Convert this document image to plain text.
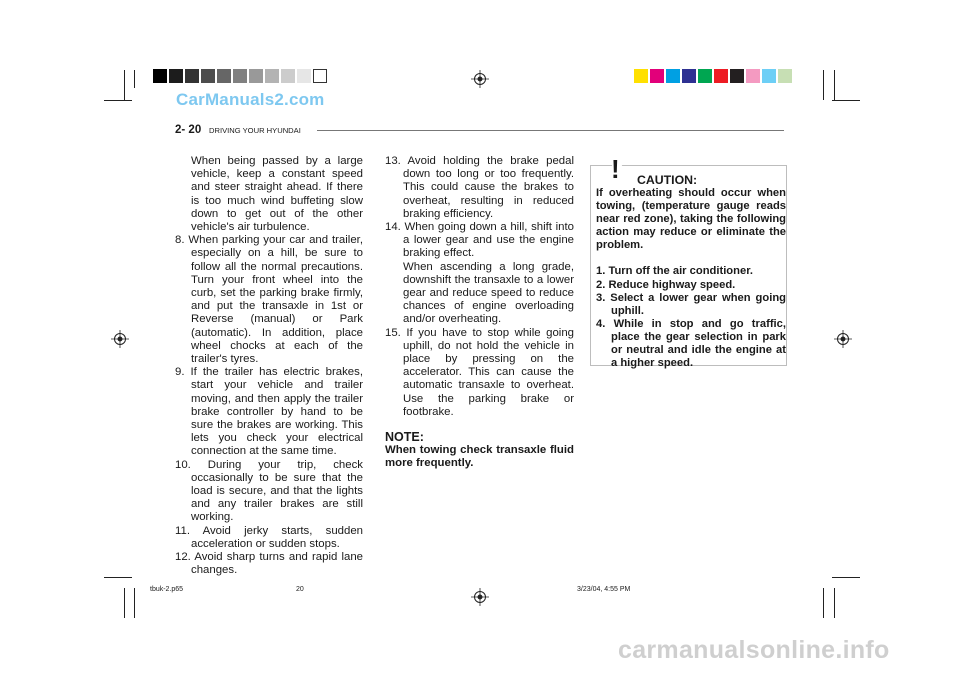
CarManuals2.com
2- 20 DRIVING YOUR HYUNDAI

When being passed by a large vehicle, keep a constant speed and steer straight ahead. If there is too much wind buffeting slow down to get out of the other vehicle's air turbulence.

8. When parking your car and trailer, especially on a hill, be sure to follow all the normal precautions. Turn your front wheel into the curb, set the parking brake firmly, and put the transaxle in 1st or Reverse (manual) or Park (automatic). In addition, place wheel chocks at each of the trailer's tyres.

9. If the trailer has electric brakes, start your vehicle and trailer moving, and then apply the trailer brake controller by hand to be sure the brakes are working. This lets you check your electrical connection at the same time.

10. During your trip, check occasionally to be sure that the load is secure, and that the lights and any trailer brakes are still working.

11. Avoid jerky starts, sudden acceleration or sudden stops.

12. Avoid sharp turns and rapid lane changes.

13. Avoid holding the brake pedal down too long or too frequently. This could cause the brakes to overheat, resulting in reduced braking efficiency.

14. When going down a hill, shift into a lower gear and use the engine braking effect.

When ascending a long grade, downshift the transaxle to a lower gear and reduce speed to reduce chances of engine overloading and/or overheating.

15. If you have to stop while going uphill, do not hold the vehicle in place by pressing on the accelerator. This can cause the automatic transaxle to overheat. Use the parking brake or footbrake.

NOTE:

When towing check transaxle fluid more frequently.

! CAUTION:

If overheating should occur when towing, (temperature gauge reads near red zone), taking the following action may reduce or eliminate the problem.

1. Turn off the air conditioner.

2. Reduce highway speed.

3. Select a lower gear when going uphill.

4. While in stop and go traffic, place the gear selection in park or neutral and idle the engine at a higher speed.

tbuk-2.p65	20	3/23/04, 4:55 PM
carmanualsonline.info
